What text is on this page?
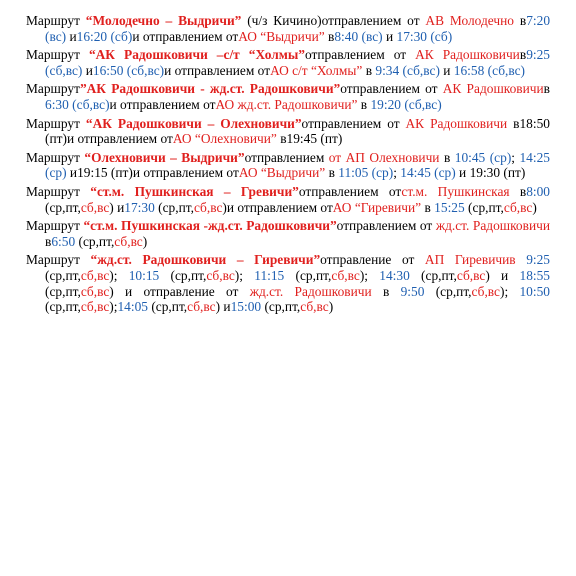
Маршрут “Молодечно – Выдричи” (ч/з Кичино)отправлением от АВ Молодечно в7:20 (вс) и16:20 (сб)и отправлением отАО “Выдричи” в8:40 (вс) и 17:30 (сб)

Маршрут “АК Радошковичи –с/т “Холмы”отправлением от АК Радошковичив9:25 (сб,вс) и16:50 (сб,вс)и отправлением отАО с/т “Холмы” в 9:34 (сб,вс) и 16:58 (сб,вс)

Маршрут”АК Радошковичи - жд.ст. Радошковичи”отправлением от АК Радошковичив 6:30 (сб,вс)и отправлением отАО жд.ст. Радошковичи” в 19:20 (сб,вс)

Маршрут “АК Радошковичи – Олехновичи”отправлением от АК Радошковичи в18:50 (пт)и отправлением отАО “Олехновичи” в19:45 (пт)

Маршрут “Олехновичи – Выдричи”отправлением от АП Олехновичи в 10:45 (ср); 14:25 (ср) и19:15 (пт)и отправлением отАО “Выдричи” в 11:05 (ср); 14:45 (ср) и 19:30 (пт)

Маршрут “ст.м. Пушкинская – Гревичи”отправлением отст.м. Пушкинская в8:00 (ср,пт,сб,вс) и17:30 (ср,пт,сб,вс)и отправлением отАО “Гиревичи” в 15:25 (ср,пт,сб,вс)

Маршрут “ст.м. Пушкинская -жд.ст. Радошковичи”отправлением от жд.ст. Радошковичи в6:50 (ср,пт,сб,вс)

Маршрут “жд.ст. Радошковичи – Гиревичи”отправление от АП Гиревичив 9:25 (ср,пт,сб,вс); 10:15 (ср,пт,сб,вс); 11:15 (ср,пт,сб,вс); 14:30 (ср,пт,сб,вс) и 18:55 (ср,пт,сб,вс) и отправление от жд.ст. Радошковичи в 9:50 (ср,пт,сб,вс); 10:50 (ср,пт,сб,вс);14:05 (ср,пт,сб,вс) и15:00 (ср,пт,сб,вс)
